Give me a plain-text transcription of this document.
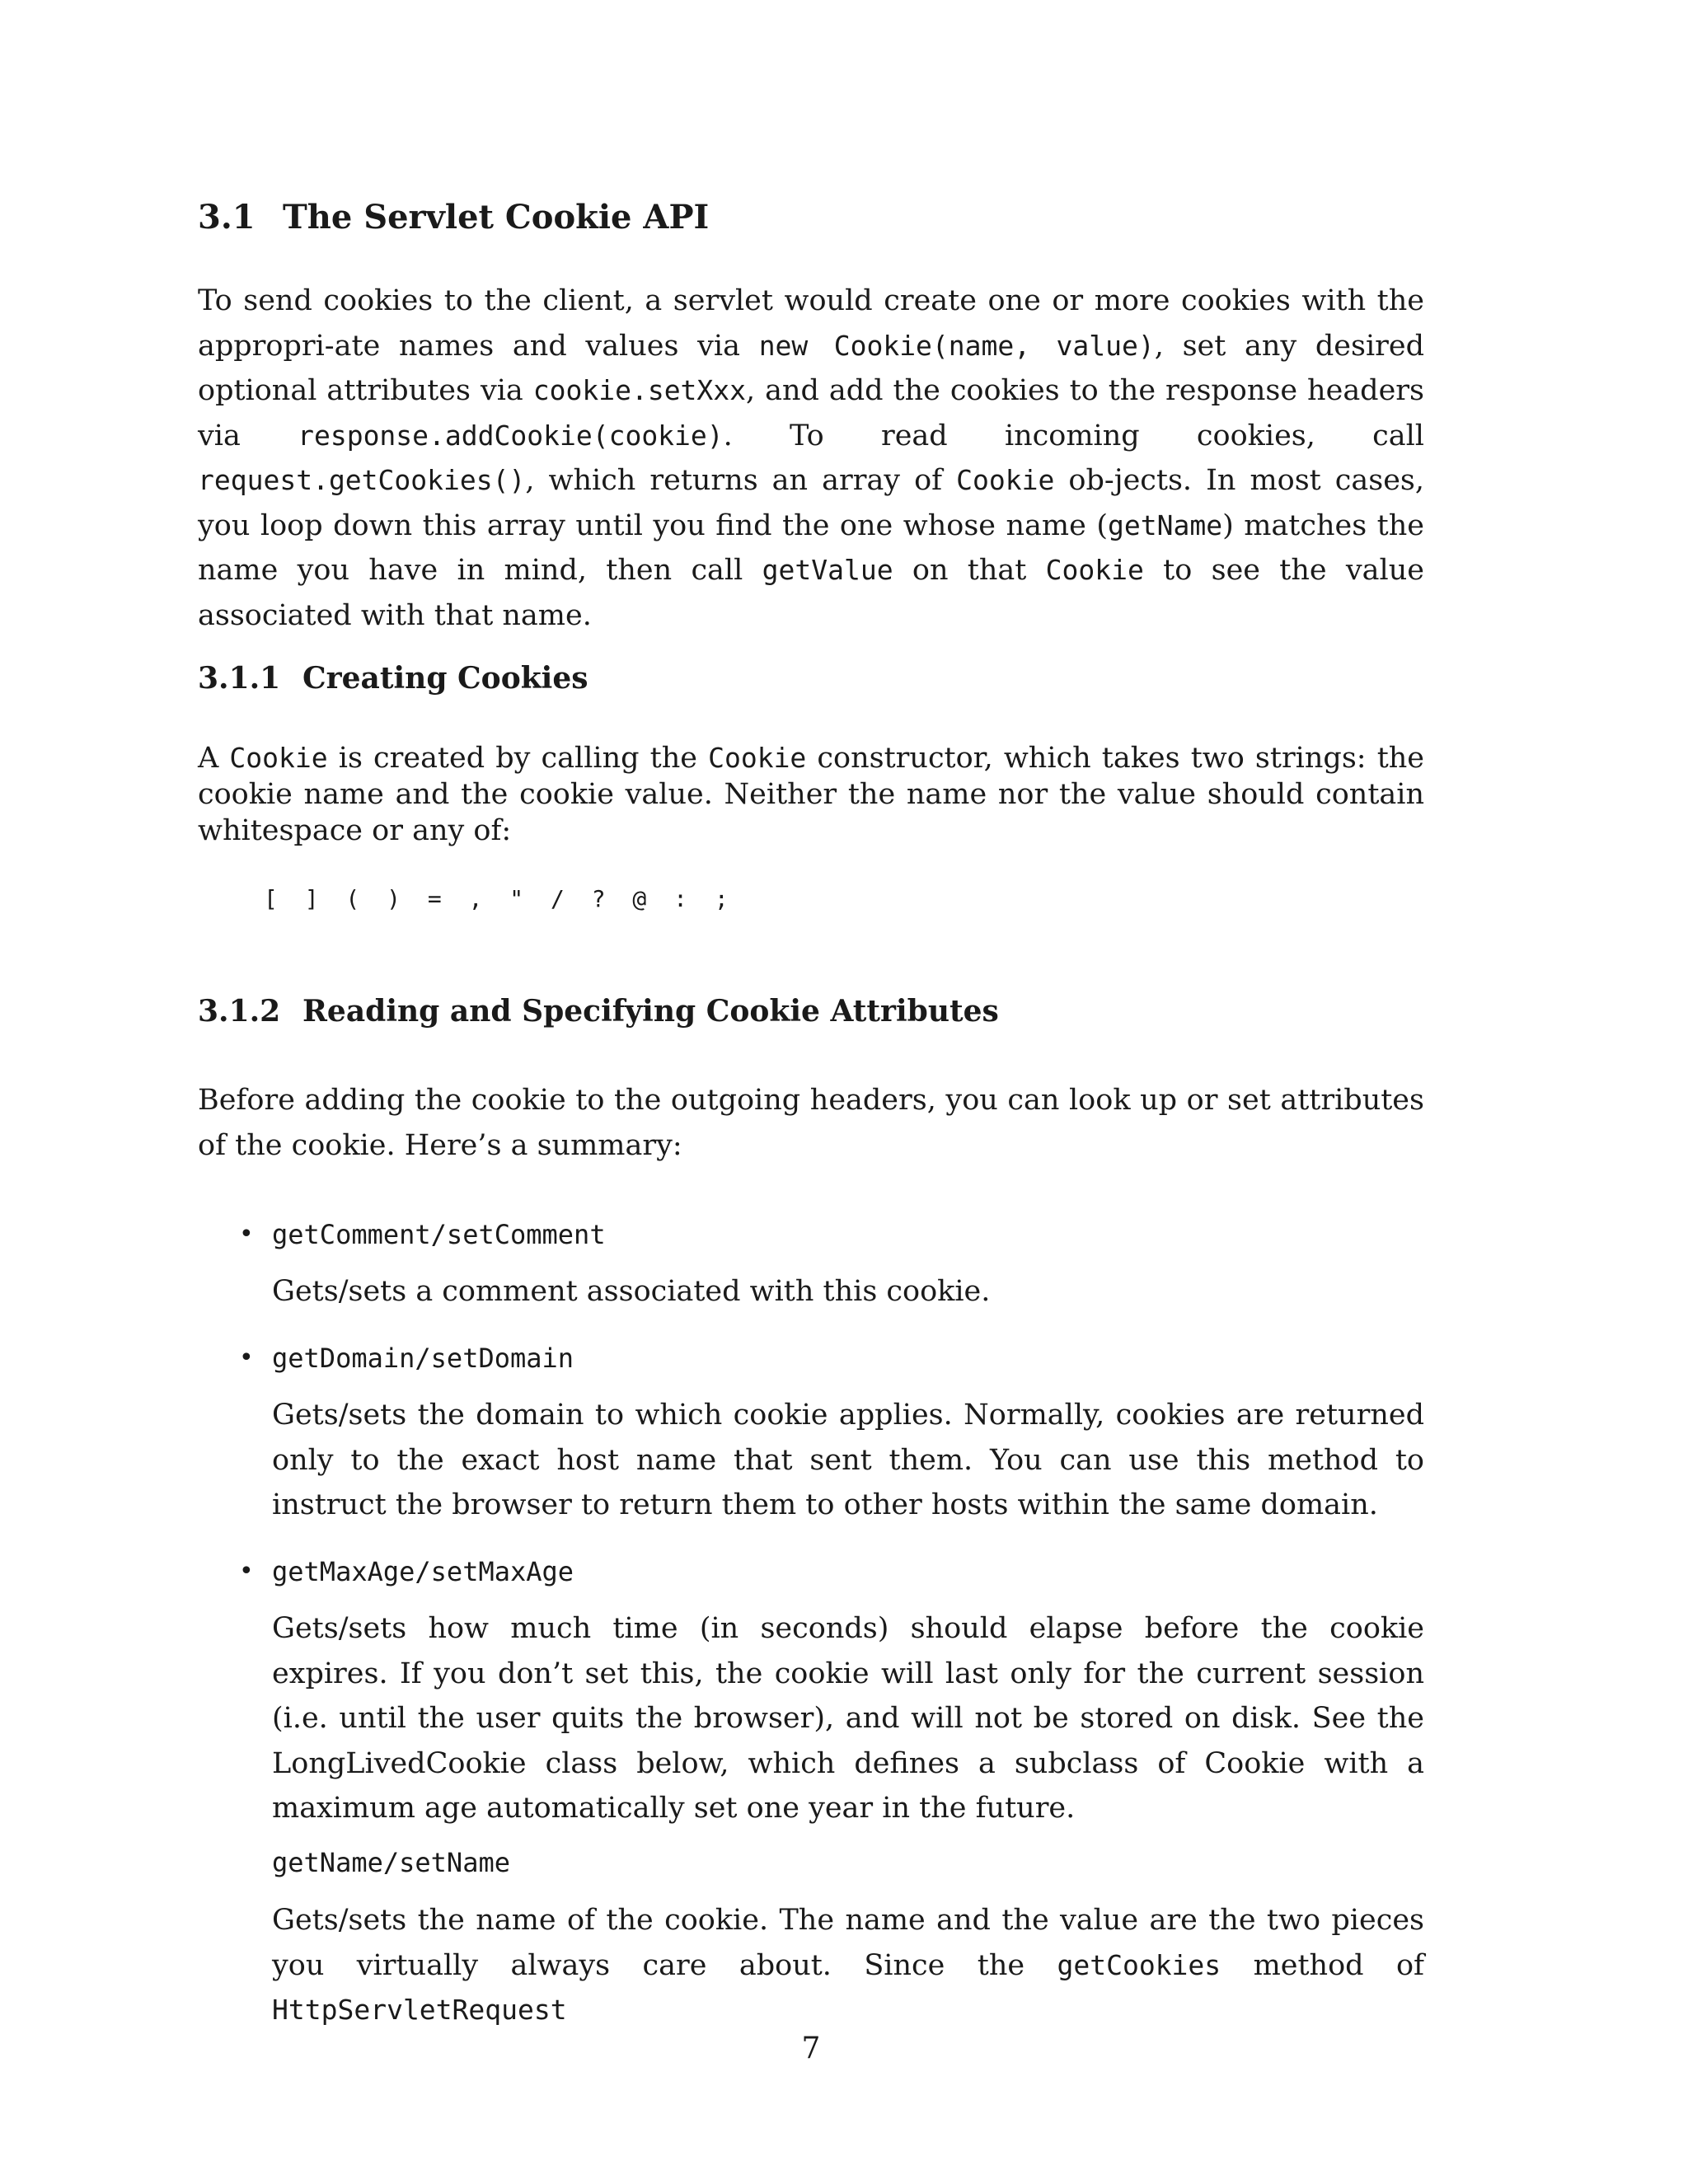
3.1 The Servlet Cookie API

To send cookies to the client, a servlet would create one or more cookies with the appropri-ate names and values via new Cookie(name, value), set any desired optional attributes via cookie.setXxx, and add the cookies to the response headers via response.addCookie(cookie). To read incoming cookies, call request.getCookies(), which returns an array of Cookie ob-jects. In most cases, you loop down this array until you find the one whose name (getName) matches the name you have in mind, then call getValue on that Cookie to see the value associated with that name.

3.1.1 Creating Cookies

A Cookie is created by calling the Cookie constructor, which takes two strings: the cookie name and the cookie value. Neither the name nor the value should contain whitespace or any of:

[ ] ( ) = , " / ? @ : ;
3.1.2 Reading and Specifying Cookie Attributes

Before adding the cookie to the outgoing headers, you can look up or set attributes of the cookie. Here’s a summary:

• getComment/setComment

Gets/sets a comment associated with this cookie.

• getDomain/setDomain

Gets/sets the domain to which cookie applies. Normally, cookies are returned only to the exact host name that sent them. You can use this method to instruct the browser to return them to other hosts within the same domain.

• getMaxAge/setMaxAge

Gets/sets how much time (in seconds) should elapse before the cookie expires. If you don’t set this, the cookie will last only for the current session (i.e. until the user quits the browser), and will not be stored on disk. See the LongLivedCookie class below, which defines a subclass of Cookie with a maximum age automatically set one year in the future.

getName/setName

Gets/sets the name of the cookie. The name and the value are the two pieces you virtually always care about. Since the getCookies method of HttpServletRequest

7
